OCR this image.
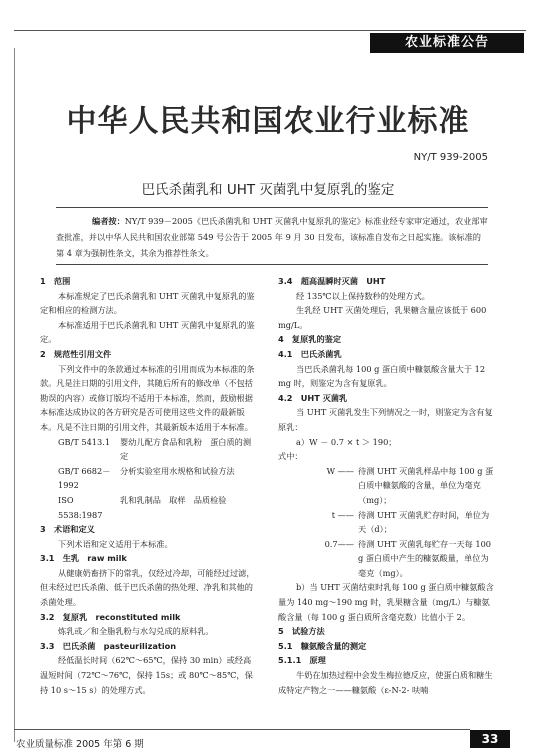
农业标准公告
中华人民共和国农业行业标准
NY/T 939-2005
巴氏杀菌乳和 UHT 灭菌乳中复原乳的鉴定
编者按：NY/T 939－2005《巴氏杀菌乳和 UHT 灭菌乳中复原乳的鉴定》标准业经专家审定通过，农业部审查批准，并以中华人民共和国农业部第 549 号公告于 2005 年 9 月 30 日发布，该标准自发布之日起实施。该标准的第 4 章为强制性条文，其余为推荐性条文。

1　范围

本标准规定了巴氏杀菌乳和 UHT 灭菌乳中复原乳的鉴定和相应的检测方法。

本标准适用于巴氏杀菌乳和 UHT 灭菌乳中复原乳的鉴定。

2　规范性引用文件

下列文件中的条款通过本标准的引用而成为本标准的条款。凡是注日期的引用文件，其随后所有的修改单（不包括勘误的内容）或修订版均不适用于本标准，然而，鼓励根据本标准达成协议的各方研究是否可使用这些文件的最新版本。凡是不注日期的引用文件，其最新版本适用于本标准。

GB/T 5413.1	婴幼儿配方食品和乳粉　蛋白质的测定
GB/T 6682－1992
分析实验室用水规格和试验方法
ISO 5538:1987
乳和乳制品　取样　品质检验

3　术语和定义

下列术语和定义适用于本标准。

3.1　生乳　raw milk

从健康奶畜挤下的常乳，仅经过冷却，可能经过过滤，但未经过巴氏杀菌、低于巴氏杀菌的热处理、净乳和其他的杀菌处理。

3.2　复原乳　reconstituted milk

炼乳或／和全脂乳粉与水勾兑成的原料乳。

3.3　巴氏杀菌　pasteurilization

经低温长时间（62℃～65℃，保持 30 min）或经高温短时间（72℃～76℃，保持 15s；或 80℃～85℃，保持 10 s～15 s）的处理方式。

3.4　超高温瞬时灭菌　UHT

经 135℃以上保持数秒的处理方式。

生乳经 UHT 灭菌处理后，乳果糖含量应该低于 600 mg/L。

4　复原乳的鉴定

4.1　巴氏杀菌乳

当巴氏杀菌乳每 100 g 蛋白质中糠氨酸含量大于 12 mg 时，则鉴定为含有复原乳。

4.2　UHT 灭菌乳

当 UHT 灭菌乳发生下列情况之一时，则鉴定为含有复原乳：

a）W － 0.7 × t ＞ 190；

式中：

W —— 待测 UHT 灭菌乳样品中每 100 g 蛋白质中糠氨酸的含量，单位为毫克（mg）；
t —— 待测 UHT 灭菌乳贮存时间，单位为天（d）；
0.7—— 待测 UHT 灭菌乳每贮存一天每 100 g 蛋白质中产生的糠氨酸量，单位为毫克（mg）。

b）当 UHT 灭菌结束时乳每 100 g 蛋白质中糠氨酸含量为 140 mg～190 mg 时，乳果糖含量（mg/L）与糠氨酸含量（每 100 g 蛋白质所含毫克数）比值小于 2。

5　试验方法

5.1　糠氨酸含量的测定

5.1.1　原理

牛奶在加热过程中会发生梅拉德反应，使蛋白质和糖生成特定产物之一——糠氨酸（ε-N-2- 呋喃

农业质量标准 2005 年第 6 期	33
